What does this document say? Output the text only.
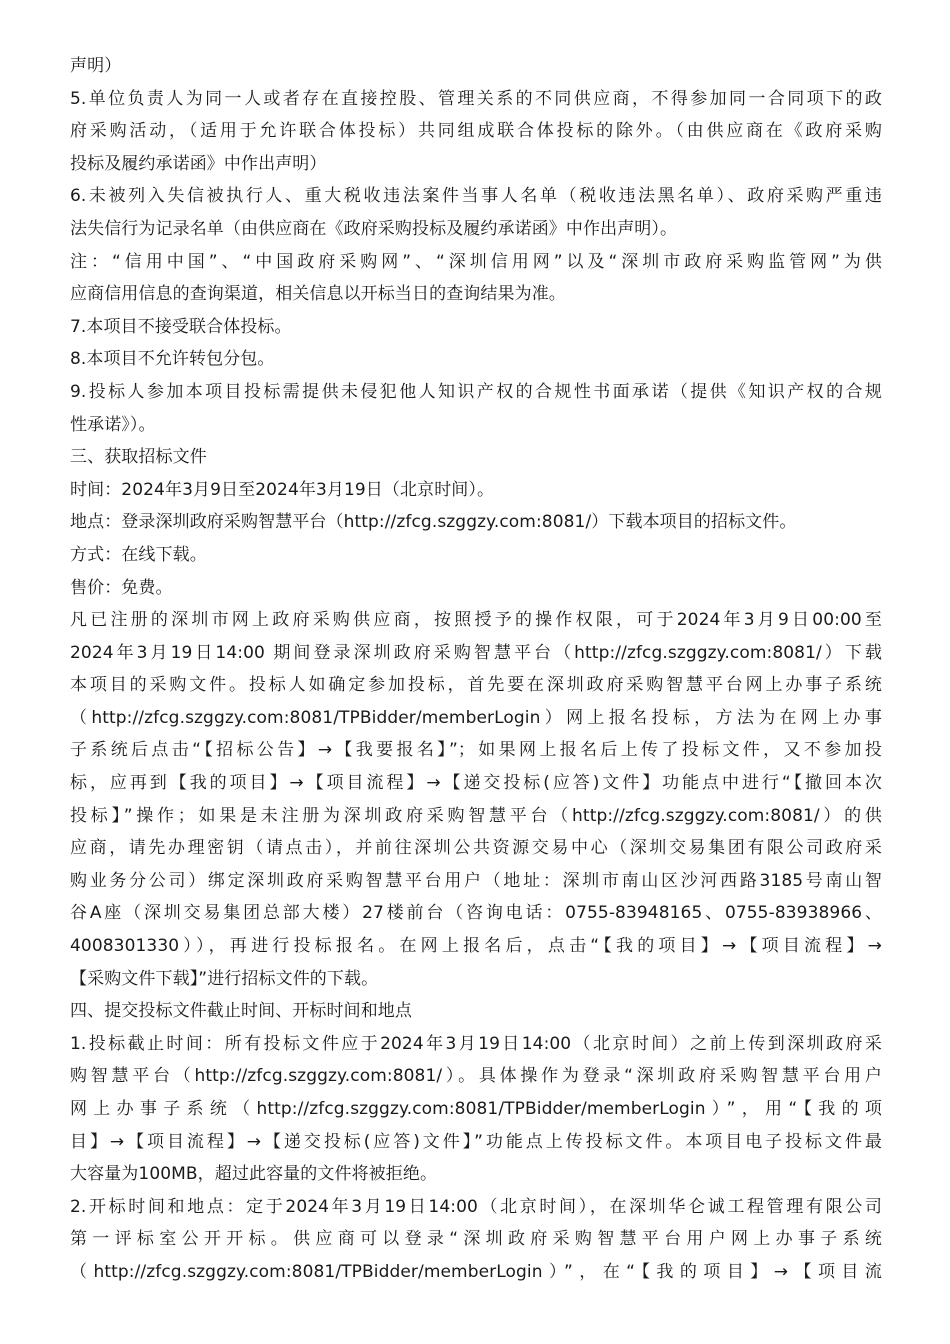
声明）
5.单位负责人为同一人或者存在直接控股、管理关系的不同供应商，不得参加同一合同项下的政
府采购活动，（适用于允许联合体投标）共同组成联合体投标的除外。（由供应商在《政府采购
投标及履约承诺函》中作出声明）
6.未被列入失信被执行人、重大税收违法案件当事人名单（税收违法黑名单）、政府采购严重违
法失信行为记录名单（由供应商在《政府采购投标及履约承诺函》中作出声明）。
注：“信用中国”、“中国政府采购网”、“深圳信用网”以及“深圳市政府采购监管网”为供
应商信用信息的查询渠道，相关信息以开标当日的查询结果为准。
7.本项目不接受联合体投标。
8.本项目不允许转包分包。
9.投标人参加本项目投标需提供未侵犯他人知识产权的合规性书面承诺（提供《知识产权的合规
性承诺》）。
三、获取招标文件
时间：2024年3月9日至2024年3月19日（北京时间）。
地点：登录深圳政府采购智慧平台（http://zfcg.szggzy.com:8081/）下载本项目的招标文件。
方式：在线下载。
售价：免费。
凡已注册的深圳市网上政府采购供应商，按照授予的操作权限，可于2024年3月9日00:00至
2024年3月19日14:00 期间登录深圳政府采购智慧平台（http://zfcg.szggzy.com:8081/）下载
本项目的采购文件。投标人如确定参加投标，首先要在深圳政府采购智慧平台网上办事子系统
（http://zfcg.szggzy.com:8081/TPBidder/memberLogin）网上报名投标，方法为在网上办事
子系统后点击“【招标公告】→【我要报名】”；如果网上报名后上传了投标文件，又不参加投
标，应再到【我的项目】→【项目流程】→【递交投标(应答)文件】功能点中进行“【撤回本次
投标】”操作；如果是未注册为深圳政府采购智慧平台（http://zfcg.szggzy.com:8081/）的供
应商，请先办理密钥（请点击），并前往深圳公共资源交易中心（深圳交易集团有限公司政府采
购业务分公司）绑定深圳政府采购智慧平台用户（地址：深圳市南山区沙河西路3185号南山智
谷A座（深圳交易集团总部大楼）27楼前台（咨询电话：0755-83948165、0755-83938966、
4008301330）），再进行投标报名。在网上报名后，点击“【我的项目】→【项目流程】→
【采购文件下载】”进行招标文件的下载。
四、提交投标文件截止时间、开标时间和地点
1.投标截止时间：所有投标文件应于2024年3月19日14:00（北京时间）之前上传到深圳政府采
购智慧平台（http://zfcg.szggzy.com:8081/）。具体操作为登录“深圳政府采购智慧平台用户
网上办事子系统（http://zfcg.szggzy.com:8081/TPBidder/memberLogin）”，用“【我的项
目】→【项目流程】→【递交投标(应答)文件】”功能点上传投标文件。本项目电子投标文件最
大容量为100MB，超过此容量的文件将被拒绝。
2.开标时间和地点：定于2024年3月19日14:00（北京时间），在深圳华仑诚工程管理有限公司
第一评标室公开开标。供应商可以登录“深圳政府采购智慧平台用户网上办事子系统
（http://zfcg.szggzy.com:8081/TPBidder/memberLogin）”，在“【我的项目】→【项目流
